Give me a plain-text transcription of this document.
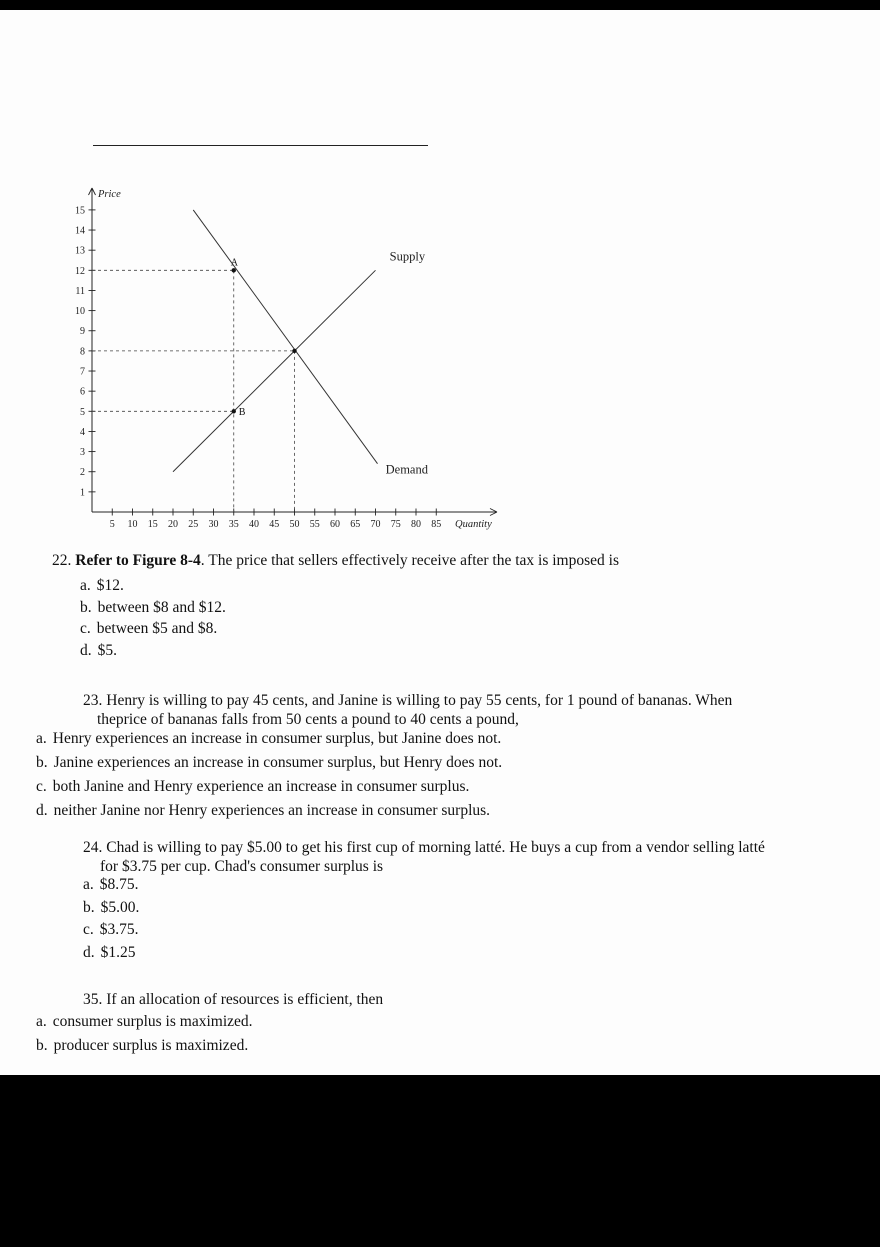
Price
Quantity
1
2
3
4
5
6
7
8
9
10
11
12
13
14
15
5 10 15 20 25 30 35 40 45 50 55 60 65 70 75 80 85
Supply
Demand
A
B
22. Refer to Figure 8-4. The price that sellers effectively receive after the tax is imposed is
a. $12.
b. between $8 and $12.
c. between $5 and $8.
d. $5.
23. Henry is willing to pay 45 cents, and Janine is willing to pay 55 cents, for 1 pound of bananas. When
theprice of bananas falls from 50 cents a pound to 40 cents a pound,
a. Henry experiences an increase in consumer surplus, but Janine does not.
b. Janine experiences an increase in consumer surplus, but Henry does not.
c. both Janine and Henry experience an increase in consumer surplus.
d. neither Janine nor Henry experiences an increase in consumer surplus.
24. Chad is willing to pay $5.00 to get his first cup of morning latté. He buys a cup from a vendor selling latté
for $3.75 per cup. Chad's consumer surplus is
a. $8.75.
b. $5.00.
c. $3.75.
d. $1.25
35. If an allocation of resources is efficient, then
a. consumer surplus is maximized.
b. producer surplus is maximized.
